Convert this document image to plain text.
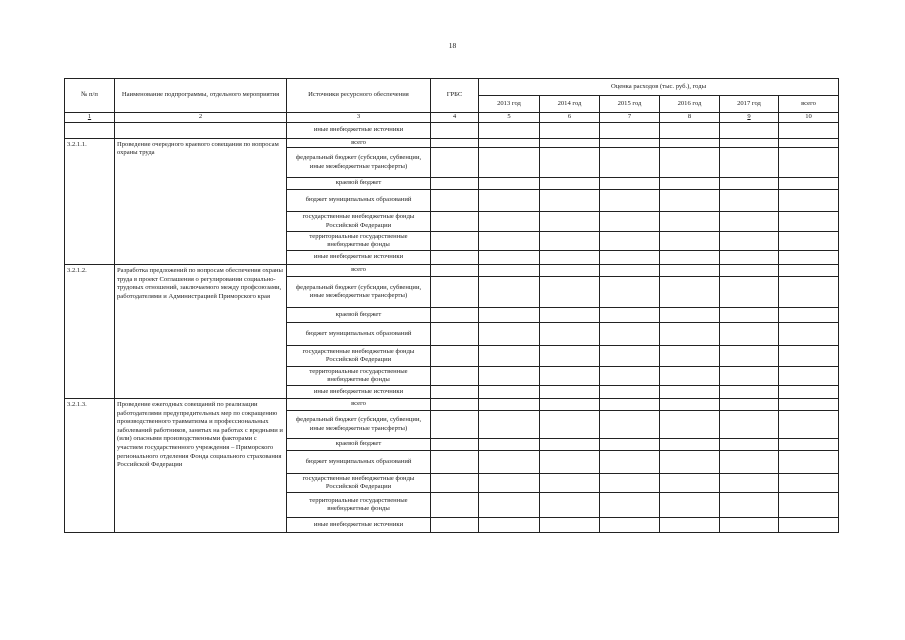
18
№ п/п	Наименование подпрограммы, отдельного мероприятия	Источники ресурсного обеспечения	ГРБС	Оценка расходов (тыс. руб.), годы					
				2013 год	2014 год	2015 год	2016 год	2017 год	всего
1	2	3	4	5	6	7	8	9	10
		иные внебюджетные источники							
3.2.1.1.	Проведение очередного краевого совещания по вопросам охраны труда	всего							
		федеральный бюджет (субсидии, субвенции, иные межбюджетные трансферты)							
		краевой бюджет							
		бюджет муниципальных образований							
		государственные внебюджетные фонды Российской Федерации							
		территориальные государственные внебюджетные фонды							
		иные внебюджетные источники							
3.2.1.2.	Разработка предложений по вопросам обеспечения охраны труда в проект Соглашения о регулировании социально-трудовых отношений, заключаемого между профсоюзами, работодателями и Администрацией Приморского края	всего							
		федеральный бюджет (субсидии, субвенции, иные межбюджетные трансферты)							
		краевой бюджет							
		бюджет муниципальных образований							
		государственные внебюджетные фонды Российской Федерации							
		территориальные государственные внебюджетные фонды							
		иные внебюджетные источники							
3.2.1.3.	Проведение ежегодных совещаний по реализации работодателями предупредительных мер по сокращению производственного травматизма и профессиональных заболеваний работников, занятых на работах с вредными и (или) опасными производственными факторами с участием государственного учреждения – Приморского регионального отделения Фонда социального страхования Российской Федерации	всего							
		федеральный бюджет (субсидии, субвенции, иные межбюджетные трансферты)							
		краевой бюджет							
		бюджет муниципальных образований							
		государственные внебюджетные фонды Российской Федерации							
		территориальные государственные внебюджетные фонды							
		иные внебюджетные источники							
